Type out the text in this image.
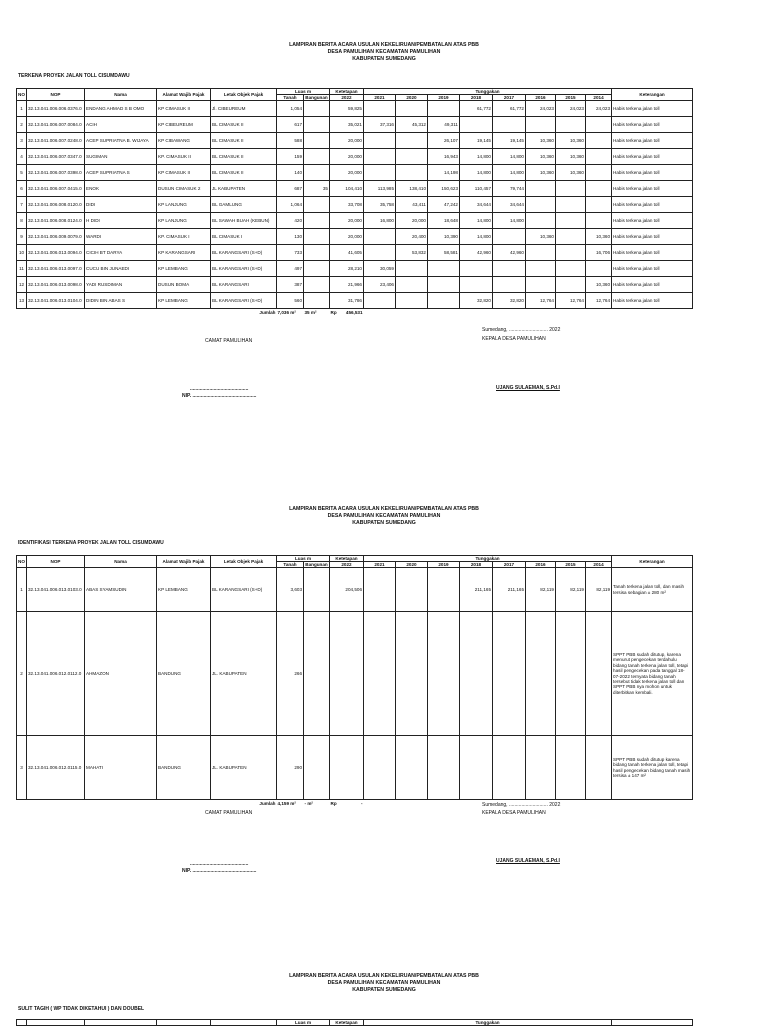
LAMPIRAN BERITA ACARA USULAN KEKELIRUAN/PEMBATALAN ATAS PBB
DESA PAMULIHAN KECAMATAN PAMULIHAN
KABUPATEN SUMEDANG
TERKENA PROYEK JALAN TOLL CISUMDAWU
NO	NOP	Nama	Alamat Wajib Pajak	Letak Objek Pajak	Luas m		Ketetapan	Tunggakan								Keterangan
					Tanah	Bangunan	2022	2021	2020	2019	2018	2017	2016	2015	2014	
1	32.13.041.006.006.0376.0	ENDANG AHMAD S B OMO	KP CIMASUK II	Jl. CIBEUREUM	1,054		59,825				61,772	61,772	24,023	24,023	24,023	Habis terkena jalan toll
2	32.13.041.006.007.0084.0	ACIH	KP CIBEUREUM	BL CIMASUK II	617		35,021	37,316	45,312	49,311						Habis terkena jalan toll
3	32.13.041.006.007.0248.0	ACEP SUPRIATNA B. WIJAYA	KP CIBAWANG	BL CIMASUK II	588		20,000			26,107	19,145	19,145	10,360	10,360		Habis terkena jalan toll
4	32.13.041.006.007.0347.0	SUGIMAN	KP. CIMASUK II	BL CIMASUK II	159		20,000			16,943	14,800	14,800	10,360	10,360		Habis terkena jalan toll
5	32.13.041.006.007.0398.0	ACEP SUPRIATNA S	KP CIMASUK II	BL CIMASUK II	140		20,000			14,198	14,800	14,800	10,360	10,360		Habis terkena jalan toll
6	32.13.041.006.007.0415.0	ENOK	DUSUN CIMASUK 2	JL KABUPATEN	687	35	104,410	113,985	138,410	150,623	110,457	79,744				Habis terkena jalan toll
7	32.13.041.006.008.0120.0	DIDI	KP LANJUNG	BL GAMLUNG	1,064		33,708	35,758	43,411	47,242	34,644	34,644				Habis terkena jalan toll
8	32.13.041.006.008.0124.0	H DIDI	KP LANJUNG	BL SAWAH BUAH (KEBUN)	420		20,000	16,800	20,000	18,648	14,800	14,800				Habis terkena jalan toll
9	32.13.041.006.009.0079.0	WARDI	KP. CIMASUK I	BL CIMASUK I	130		20,000		20,400	10,390	14,800		10,360		10,360	Habis terkena jalan toll
10	32.13.041.006.013.0094.0	CICIH BT DARYA	KP KARANGSARI	BL KARANGSARI (S+D)	733		41,605		53,832	58,581	42,960	42,960			16,706	Habis terkena jalan toll
11	32.13.041.006.013.0097.0	CUCU BIN JUNAEDI	KP LEMBANG	BL KARANGSARI (S+D)	497		28,210	30,059								Habis terkena jalan toll
12	32.13.041.006.013.0098.0	YADI RUSDIMAN	DUSUN BOMA	BL KARANGSARI	387		21,966	23,406							10,360	Habis terkena jalan toll
13	32.13.041.006.013.0104.0	DIDIN BIN ABAS S	KP LEMBANG	BL KARANGSARI (S+D)	560		31,786				32,820	32,820	12,764	12,764	12,764	Habis terkena jalan toll
Jumlah					7,036 m²	35 m²	Rp 456,531									

Sumedang, ............................ 2022
CAMAT PAMULIHAN	KEPALA DESA PAMULIHAN
..........................................
NIP. ..............................................
UJANG SULAEMAN, S.Pd.I
LAMPIRAN BERITA ACARA USULAN KEKELIRUAN/PEMBATALAN ATAS PBB
DESA PAMULIHAN KECAMATAN PAMULIHAN
KABUPATEN SUMEDANG
IDENTIFIKASI TERKENA PROYEK JALAN TOLL CISUMDAWU
NO	NOP	Nama	Alamat Wajib Pajak	Letak Objek Pajak	Luas m		Ketetapan	Tunggakan								Keterangan
					Tanah	Bangunan	2022	2021	2020	2019	2018	2017	2016	2015	2014	
1	32.13.041.006.013.0103.0	ABAS SYAMSUDIN	KP LEMBANG	BL KARANGSARI (S+D)	3,603		204,506				211,165	211,165	82,119	82,119	82,119	Tanah terkena jalan toll, dan masih tersisa sebagian ± 280 m²
2	32.13.041.006.012.0112.0	AHMAZON	BANDUNG	JL. KABUPATEN	266											SPPT PBB sudah ditutup, karena menurut pengecekan terdahulu bidang tanah terkena jalan toll, tetapi hasil pengecekan pada tanggal 18-07-2022 ternyata bidang tanah tersebut tidak terkena jalan toll dan SPPT PBB nya mohon untuk diterbitkan kembali.
3	32.13.041.006.012.0115.0	MAHATI	BANDUNG	JL. KABUPATEN	290											SPPT PBB sudah ditutup karena bidang tanah terkena jalan toll, tetapi hasil pengecekan bidang tanah masih tersisa ± 147 m²
Jumlah					4,159 m²	- m²	Rp -									
		Sumedang, ............................ 2022
CAMAT PAMULIHAN	KEPALA DESA PAMULIHAN
..........................................
NIP. ..............................................
UJANG SULAEMAN, S.Pd.I
LAMPIRAN BERITA ACARA USULAN KEKELIRUAN/PEMBATALAN ATAS PBB
DESA PAMULIHAN KECAMATAN PAMULIHAN
KABUPATEN SUMEDANG
SULIT TAGIH ( WP TIDAK DIKETAHUI ) DAN DOUBEL
					Luas m	Ketetapan	Tunggakan	
